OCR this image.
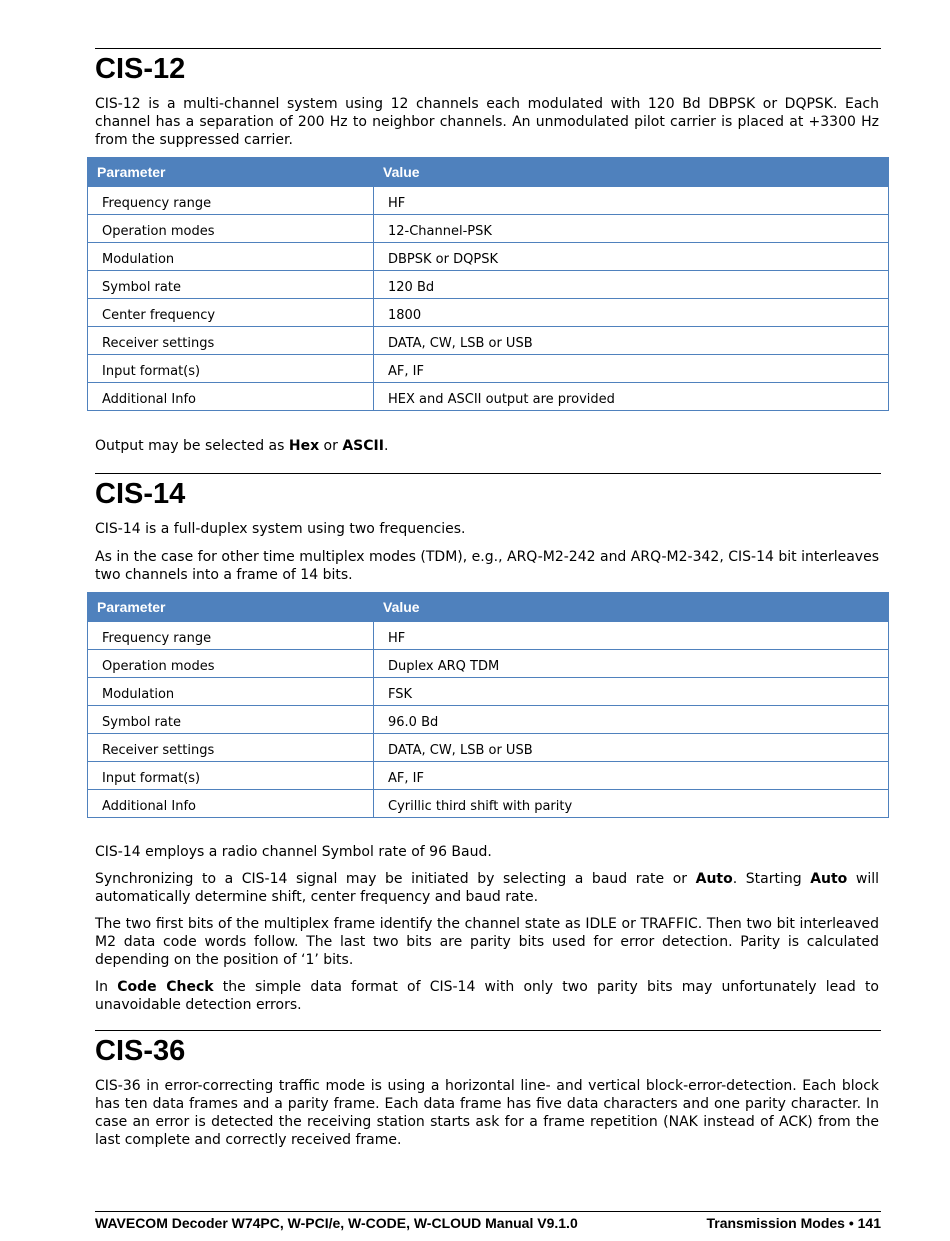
CIS-12

CIS-12 is a multi-channel system using 12 channels each modulated with 120 Bd DBPSK or DQPSK. Each channel has a separation of 200 Hz to neighbor channels. An unmodulated pilot carrier is placed at +3300 Hz from the suppressed carrier.

Parameter	Value
Frequency range	HF
Operation modes	12-Channel-PSK
Modulation	DBPSK or DQPSK
Symbol rate	120 Bd
Center frequency	1800
Receiver settings	DATA, CW, LSB or USB
Input format(s)	AF, IF
Additional Info	HEX and ASCII output are provided

Output may be selected as Hex or ASCII.

CIS-14

CIS-14 is a full-duplex system using two frequencies.

As in the case for other time multiplex modes (TDM), e.g., ARQ-M2-242 and ARQ-M2-342, CIS-14 bit interleaves two channels into a frame of 14 bits.

Parameter	Value
Frequency range	HF
Operation modes	Duplex ARQ TDM
Modulation	FSK
Symbol rate	96.0 Bd
Receiver settings	DATA, CW, LSB or USB
Input format(s)	AF, IF
Additional Info	Cyrillic third shift with parity

CIS-14 employs a radio channel Symbol rate of 96 Baud.

Synchronizing to a CIS-14 signal may be initiated by selecting a baud rate or Auto. Starting Auto will automatically determine shift, center frequency and baud rate.

The two first bits of the multiplex frame identify the channel state as IDLE or TRAFFIC. Then two bit interleaved M2 data code words follow. The last two bits are parity bits used for error detection. Parity is calculated depending on the position of ‘1’ bits.

In Code Check the simple data format of CIS-14 with only two parity bits may unfortunately lead to unavoidable detection errors.

CIS-36

CIS-36 in error-correcting traffic mode is using a horizontal line- and vertical block-error-detection. Each block has ten data frames and a parity frame. Each data frame has five data characters and one parity character. In case an error is detected the receiving station starts ask for a frame repetition (NAK instead of ACK) from the last complete and correctly received frame.

WAVECOM Decoder W74PC, W-PCI/e, W-CODE, W-CLOUD Manual V9.1.0	Transmission Modes • 141
